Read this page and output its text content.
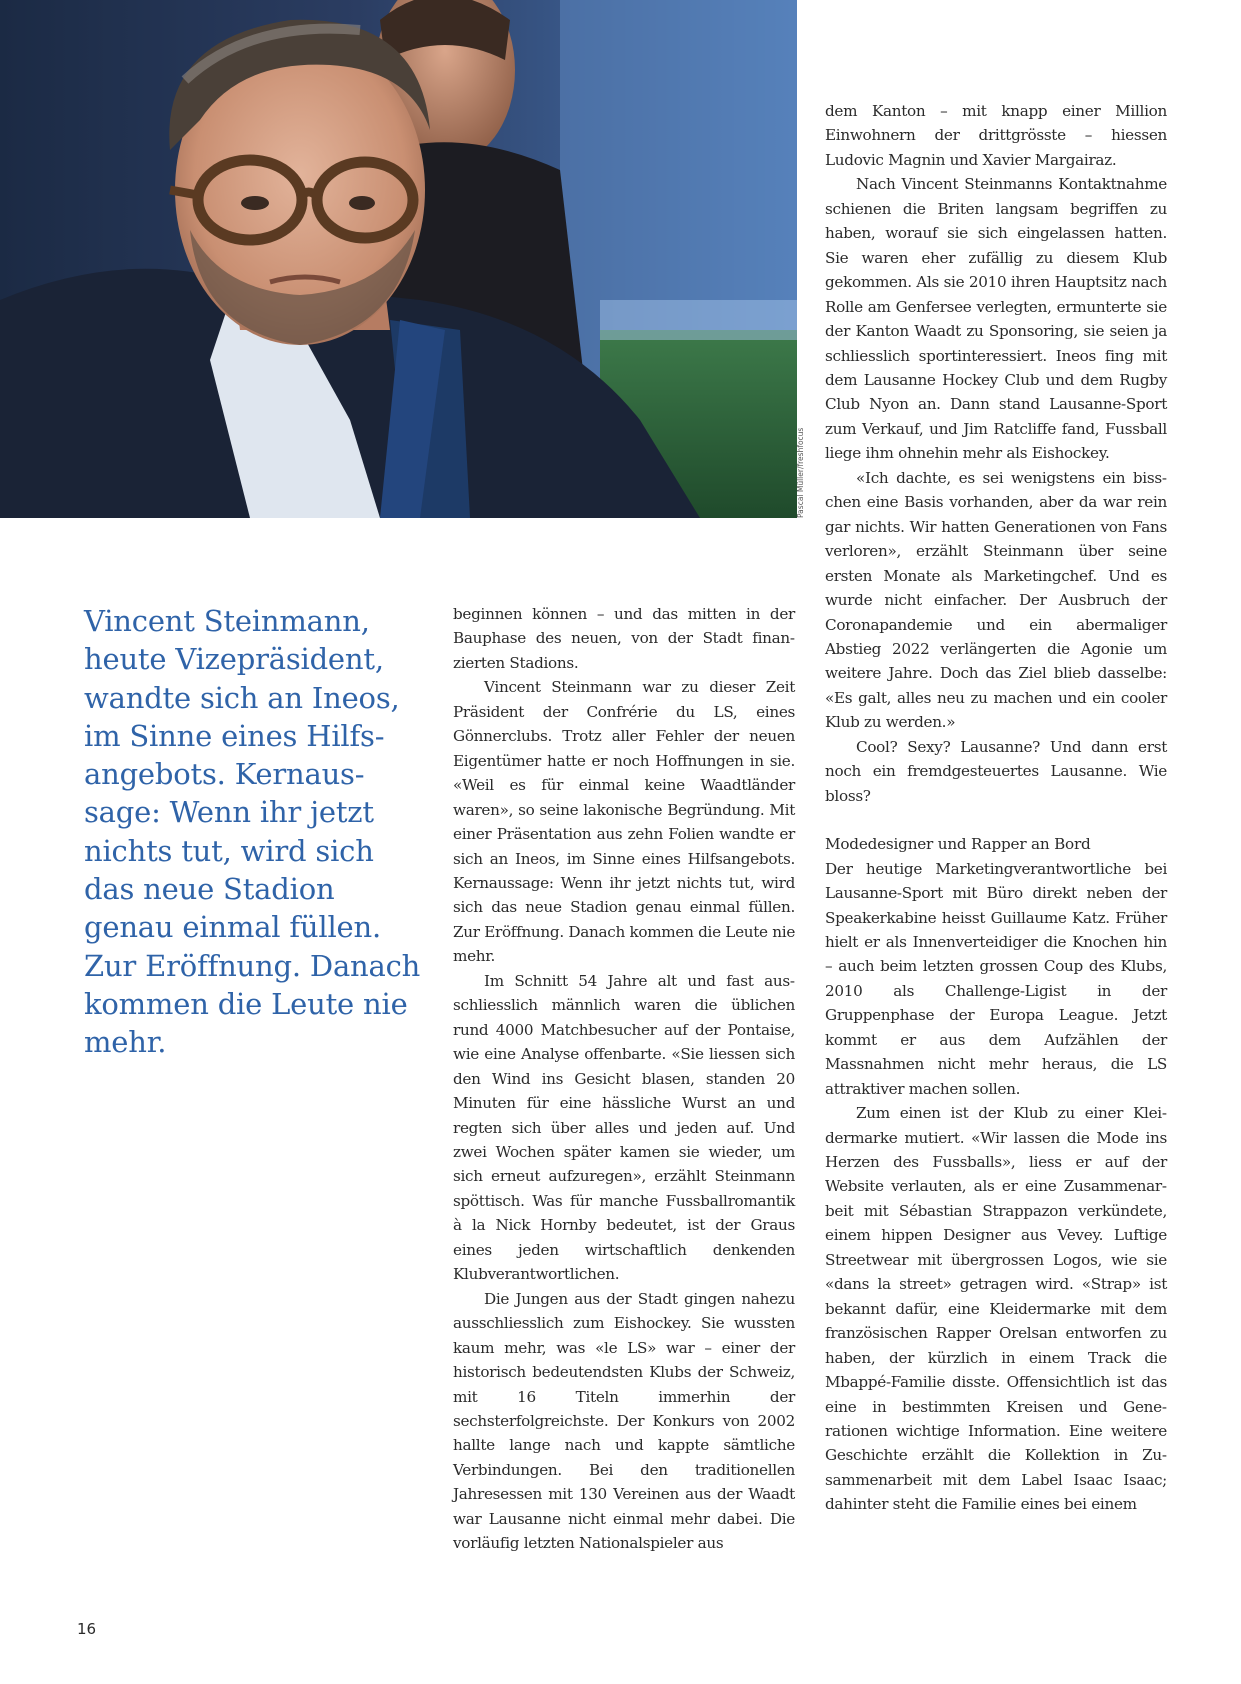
Pascal Müller/freshfocus

Vincent Steinmann, heute Vizepräsident, wandte sich an Ineos, im Sinne eines Hilfsangebots. Kernaussage: Wenn ihr jetzt nichts tut, wird sich das neue Stadion genau einmal füllen. Zur Eröffnung. Danach kommen die Leute nie mehr.

beginnen können – und das mitten in der Bauphase des neuen, von der Stadt finanzierten Stadions.

Vincent Steinmann war zu dieser Zeit Präsident der Confrérie du LS, eines Gönnerclubs. Trotz aller Fehler der neuen Eigentümer hatte er noch Hoffnungen in sie. «Weil es für einmal keine Waadtländer waren», so seine lakonische Begründung. Mit einer Präsentation aus zehn Folien wandte er sich an Ineos, im Sinne eines Hilfsangebots. Kernaussage: Wenn ihr jetzt nichts tut, wird sich das neue Stadion genau einmal füllen. Zur Eröffnung. Danach kommen die Leute nie mehr.

Im Schnitt 54 Jahre alt und fast ausschliesslich männlich waren die üblichen rund 4000 Matchbesucher auf der Pontaise, wie eine Analyse offenbarte. «Sie liessen sich den Wind ins Gesicht blasen, standen 20 Minuten für eine hässliche Wurst an und regten sich über alles und jeden auf. Und zwei Wochen später kamen sie wieder, um sich erneut aufzuregen», erzählt Steinmann spöttisch. Was für manche Fussballromantik à la Nick Hornby bedeutet, ist der Graus eines jeden wirtschaftlich denkenden Klubverantwortlichen.

Die Jungen aus der Stadt gingen nahezu ausschliesslich zum Eishockey. Sie wussten kaum mehr, was «le LS» war – einer der historisch bedeutendsten Klubs der Schweiz, mit 16 Titeln immerhin der sechsterfolgreichste. Der Konkurs von 2002 hallte lange nach und kappte sämtliche Verbindungen. Bei den traditionellen Jahresessen mit 130 Vereinen aus der Waadt war Lausanne nicht einmal mehr dabei. Die vorläufig letzten Nationalspieler aus

dem Kanton – mit knapp einer Million Einwohnern der drittgrösste – hiessen Ludovic Magnin und Xavier Margairaz.

Nach Vincent Steinmanns Kontaktnahme schienen die Briten langsam begriffen zu haben, worauf sie sich eingelassen hatten. Sie waren eher zufällig zu diesem Klub gekommen. Als sie 2010 ihren Hauptsitz nach Rolle am Genfersee verlegten, ermunterte sie der Kanton Waadt zu Sponsoring, sie seien ja schliesslich sportinteressiert. Ineos fing mit dem Lausanne Hockey Club und dem Rugby Club Nyon an. Dann stand Lausanne-Sport zum Verkauf, und Jim Ratcliffe fand, Fussball liege ihm ohnehin mehr als Eishockey.

«Ich dachte, es sei wenigstens ein bisschen eine Basis vorhanden, aber da war rein gar nichts. Wir hatten Generationen von Fans verloren», erzählt Steinmann über seine ersten Monate als Marketingchef. Und es wurde nicht einfacher. Der Ausbruch der Coronapandemie und ein abermaliger Abstieg 2022 verlängerten die Agonie um weitere Jahre. Doch das Ziel blieb dasselbe: «Es galt, alles neu zu machen und ein cooler Klub zu werden.»

Cool? Sexy? Lausanne? Und dann erst noch ein fremdgesteuertes Lausanne. Wie bloss?

Modedesigner und Rapper an Bord

Der heutige Marketingverantwortliche bei Lausanne-Sport mit Büro direkt neben der Speakerkabine heisst Guillaume Katz. Früher hielt er als Innenverteidiger die Knochen hin – auch beim letzten grossen Coup des Klubs, 2010 als Challenge-Ligist in der Gruppenphase der Europa League. Jetzt kommt er aus dem Aufzählen der Massnahmen nicht mehr heraus, die LS attraktiver machen sollen.

Zum einen ist der Klub zu einer Kleidermarke mutiert. «Wir lassen die Mode ins Herzen des Fussballs», liess er auf der Website verlauten, als er eine Zusammenarbeit mit Sébastian Strappazon verkündete, einem hippen Designer aus Vevey. Luftige Streetwear mit übergrossen Logos, wie sie «dans la street» getragen wird. «Strap» ist bekannt dafür, eine Kleidermarke mit dem französischen Rapper Orelsan entworfen zu haben, der kürzlich in einem Track die Mbappé-Familie disste. Offensichtlich ist das eine in bestimmten Kreisen und Generationen wichtige Information. Eine weitere Geschichte erzählt die Kollektion in Zusammenarbeit mit dem Label Isaac Isaac; dahinter steht die Familie eines bei einem

16
